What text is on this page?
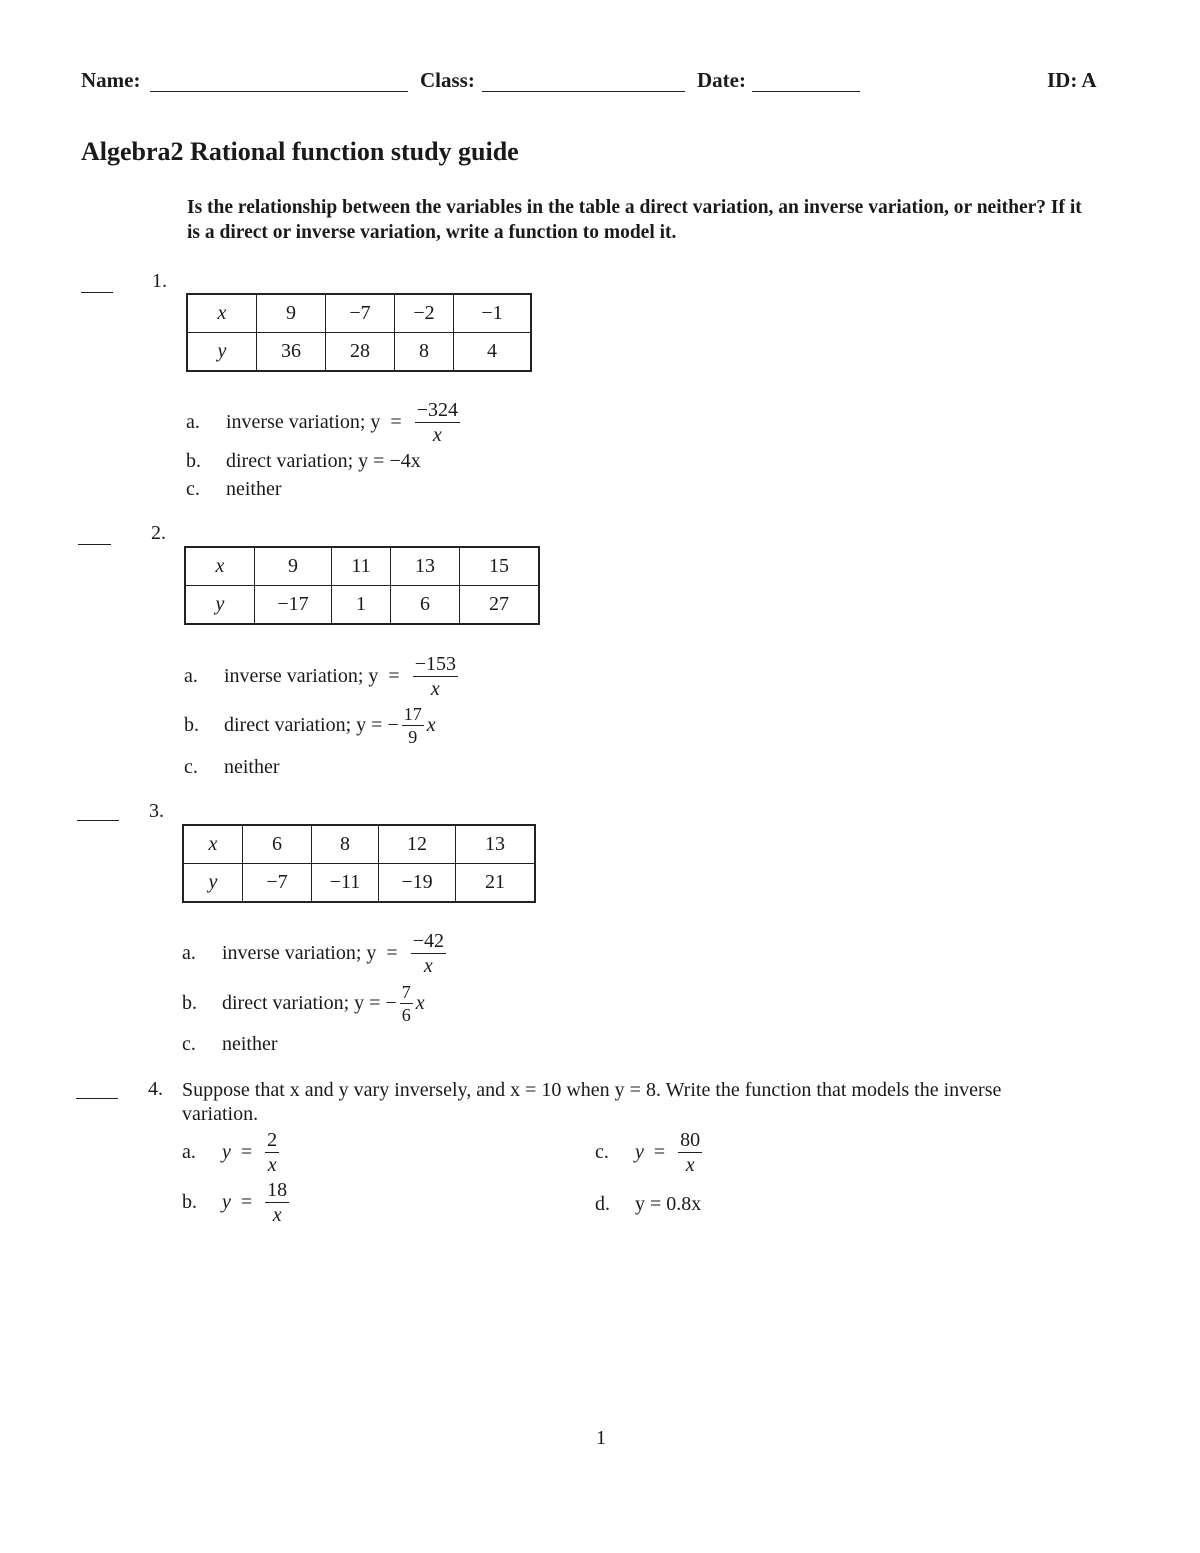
Name:	Class:	Date:	ID: A
Algebra2 Rational function study guide
Is the relationship between the variables in the table a direct variation, an inverse variation, or neither? If it is a direct or inverse variation, write a function to model it.
1.
x	9	−7	−2	−1
y	36	28	8	4
a.	inverse variation; $y = \frac{-324}{x}$
b.	direct variation; y = −4x
c.	neither
2.
x	9	11	13	15
y	−17	1	6	27
a.	inverse variation; $y = \frac{-153}{x}$
b.	direct variation; y = − $\frac{17}{9}$ x
c.	neither
3.
x	6	8	12	13
y	−7	−11	−19	21
a.	inverse variation; $y = \frac{-42}{x}$
b.	direct variation; y = − $\frac{7}{6}$ x
c.	neither
4. Suppose that x and y vary inversely, and x = 10 when y = 8. Write the function that models the inverse variation.
a.	$y = \frac{2}{x}$
b.	$y = \frac{18}{x}$
c.	$y = \frac{80}{x}$
d.	y = 0.8x
1
